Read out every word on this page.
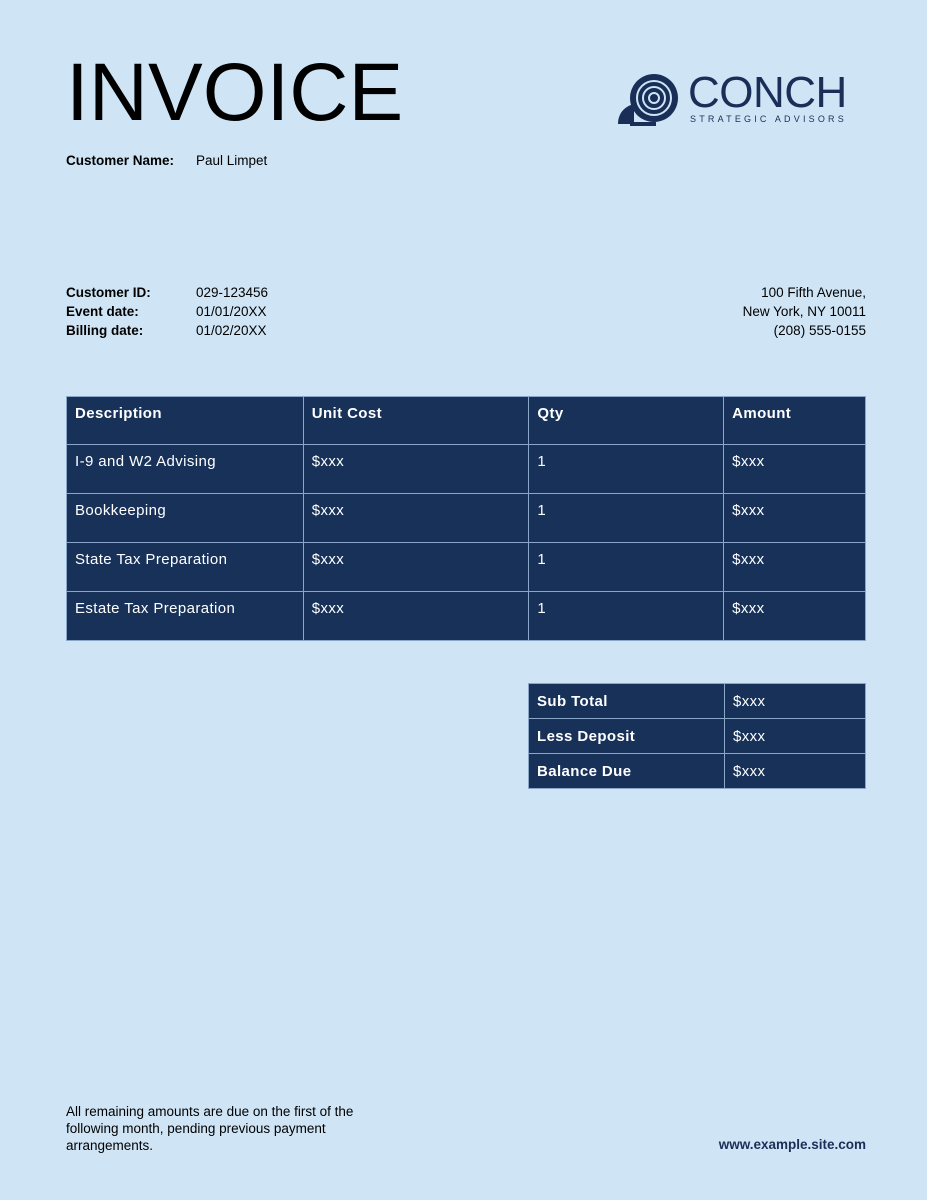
INVOICE	CONCH
STRATEGIC ADVISORS
Customer Name: Paul Limpet
Customer ID:	029-123456
Event date:	01/01/20XX
Billing date:	01/02/20XX
100 Fifth Avenue,
New York, NY 10011
(208) 555-0155
Description	Unit Cost	Qty	Amount
I-9 and W2 Advising	$xxx	1	$xxx
Bookkeeping	$xxx	1	$xxx
State Tax Preparation	$xxx	1	$xxx
Estate Tax Preparation	$xxx	1	$xxx
Sub Total	$xxx
Less Deposit	$xxx
Balance Due	$xxx

All remaining amounts are due on the first of the following month, pending previous payment arrangements.	www.example.site.com
